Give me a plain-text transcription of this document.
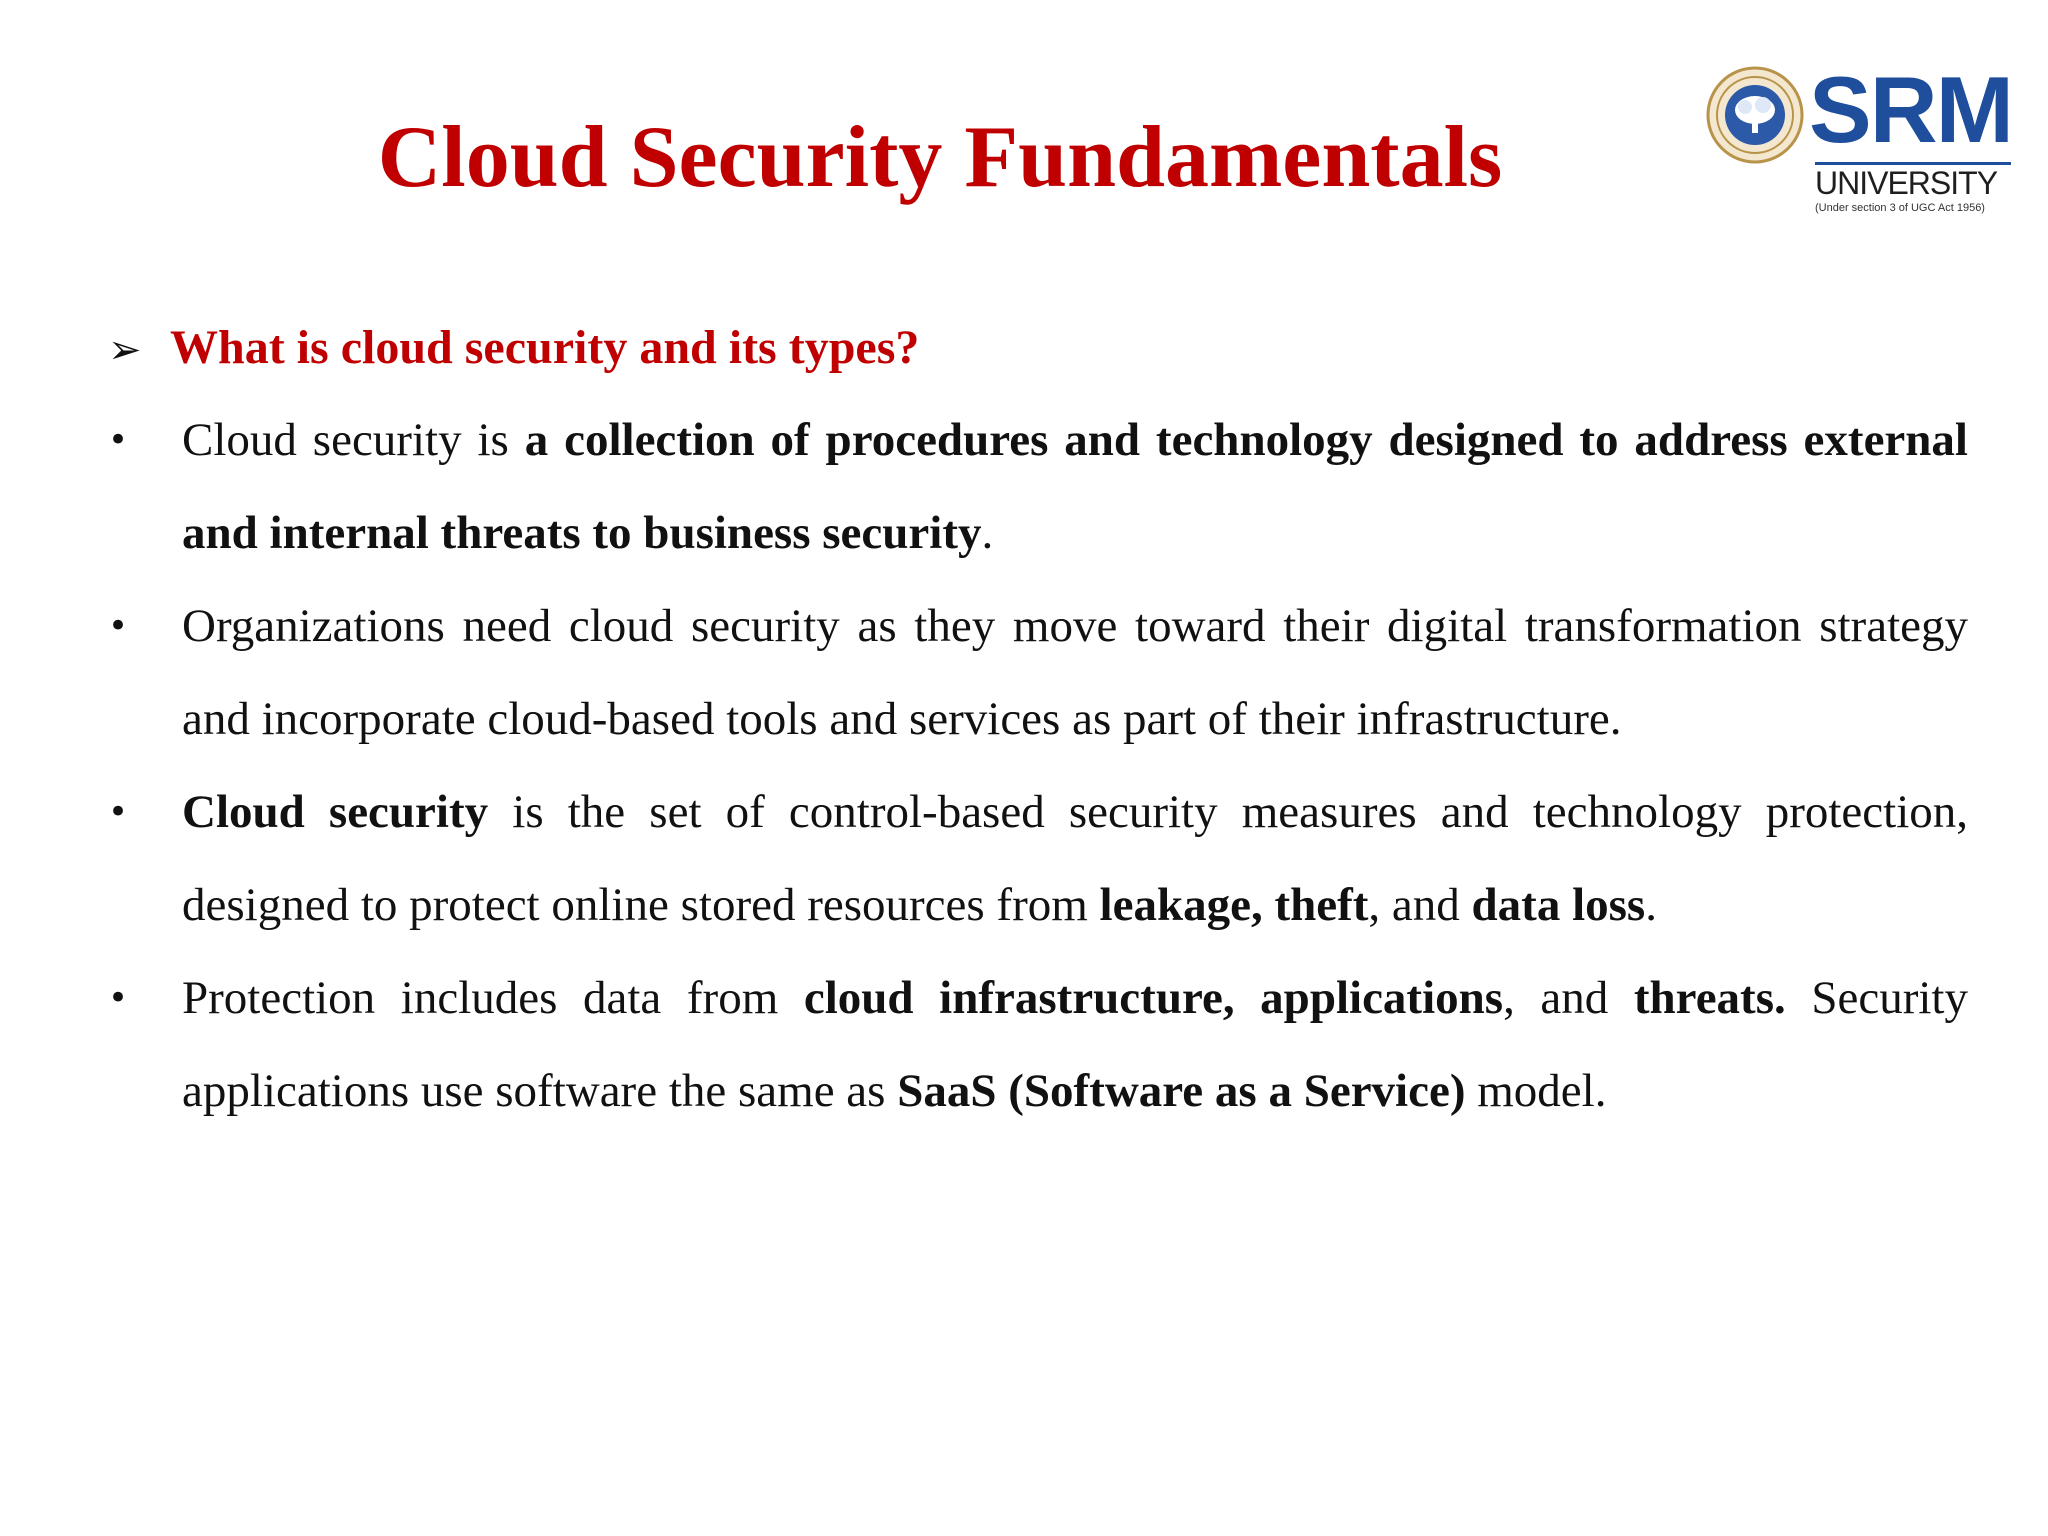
Cloud Security Fundamentals	SRM
UNIVERSITY
(Under section 3 of UGC Act 1956)
➢ What is cloud security and its types?
• Cloud security is a collection of procedures and technology designed to address external and internal threats to business security.
• Organizations need cloud security as they move toward their digital transformation strategy and incorporate cloud-based tools and services as part of their infrastructure.
• Cloud security is the set of control-based security measures and technology protection, designed to protect online stored resources from leakage, theft, and data loss.
• Protection includes data from cloud infrastructure, applications, and threats. Security applications use software the same as SaaS (Software as a Service) model.
